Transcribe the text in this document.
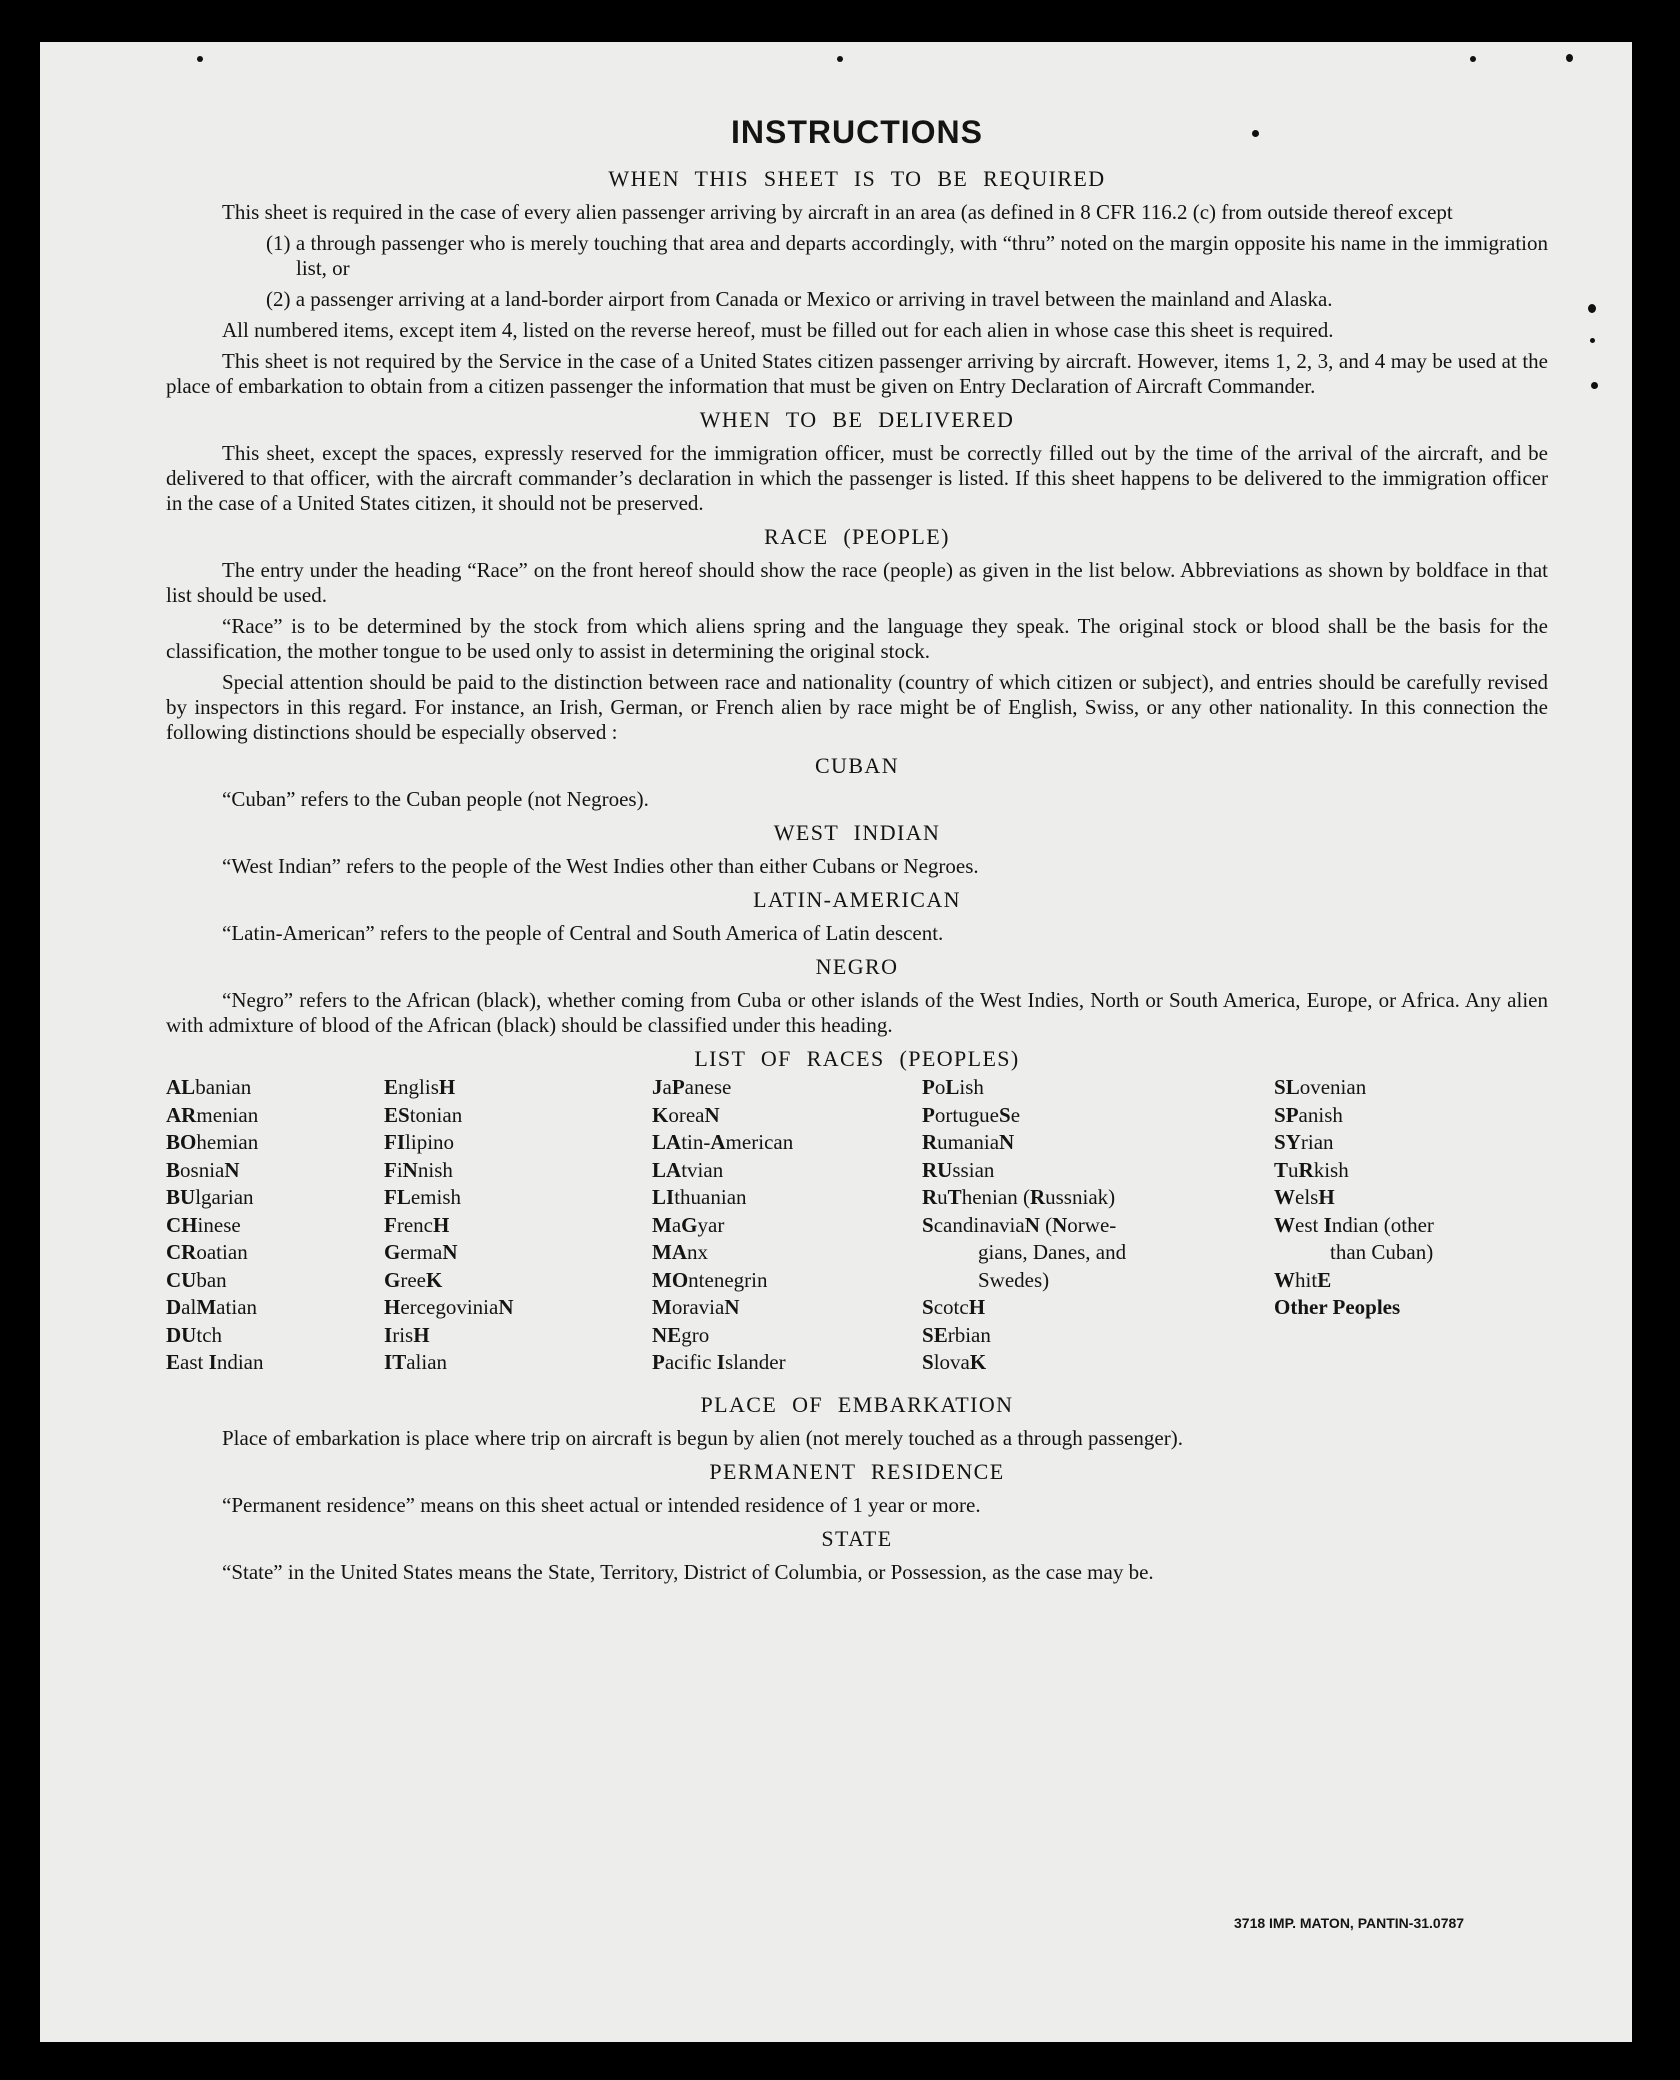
INSTRUCTIONS
WHEN THIS SHEET IS TO BE REQUIRED

This sheet is required in the case of every alien passenger arriving by aircraft in an area (as defined in 8 CFR 116.2 (c) from outside thereof except

(1) a through passenger who is merely touching that area and departs accordingly, with “thru” noted on the margin opposite his name in the immigration list, or

(2) a passenger arriving at a land-border airport from Canada or Mexico or arriving in travel between the mainland and Alaska.

All numbered items, except item 4, listed on the reverse hereof, must be filled out for each alien in whose case this sheet is required.

This sheet is not required by the Service in the case of a United States citizen passenger arriving by aircraft. However, items 1, 2, 3, and 4 may be used at the place of embarkation to obtain from a citizen passenger the information that must be given on Entry Declaration of Aircraft Commander.

WHEN TO BE DELIVERED

This sheet, except the spaces, expressly reserved for the immigration officer, must be correctly filled out by the time of the arrival of the aircraft, and be delivered to that officer, with the aircraft commander’s declaration in which the passenger is listed. If this sheet happens to be delivered to the immigration officer in the case of a United States citizen, it should not be preserved.

RACE (PEOPLE)

The entry under the heading “Race” on the front hereof should show the race (people) as given in the list below. Abbreviations as shown by boldface in that list should be used.

“Race” is to be determined by the stock from which aliens spring and the language they speak. The original stock or blood shall be the basis for the classification, the mother tongue to be used only to assist in determining the original stock.

Special attention should be paid to the distinction between race and nationality (country of which citizen or subject), and entries should be carefully revised by inspectors in this regard. For instance, an Irish, German, or French alien by race might be of English, Swiss, or any other nationality. In this connection the following distinctions should be especially observed :

CUBAN

“Cuban” refers to the Cuban people (not Negroes).

WEST INDIAN

“West Indian” refers to the people of the West Indies other than either Cubans or Negroes.

LATIN-AMERICAN

“Latin-American” refers to the people of Central and South America of Latin descent.

NEGRO

“Negro” refers to the African (black), whether coming from Cuba or other islands of the West Indies, North or South America, Europe, or Africa. Any alien with admixture of blood of the African (black) should be classified under this heading.

LIST OF RACES (PEOPLES)
ALbanian
ARmenian
BOhemian
BosniaN
BUlgarian
CHinese
CRoatian
CUban
DalMatian
DUtch
East Indian
EnglisH
EStonian
FIlipino
FiNnish
FLemish
FrencH
GermaN
GreeK
HercegoviniaN
IrisH
ITalian
JaPanese
KoreaN
LAtin-American
LAtvian
LIthuanian
MaGyar
MAnx
MOntenegrin
MoraviaN
NEgro
Pacific Islander
PoLish
PortugueSe
RumaniaN
RUssian
RuThenian (Russniak)
ScandinaviaN (Norwe-
gians, Danes, and
Swedes)
ScotcH
SErbian
SlovaK
SLovenian
SPanish
SYrian
TuRkish
WelsH
West Indian (other
than Cuban)
WhitE
Other Peoples
PLACE OF EMBARKATION

Place of embarkation is place where trip on aircraft is begun by alien (not merely touched as a through passenger).

PERMANENT RESIDENCE

“Permanent residence” means on this sheet actual or intended residence of 1 year or more.

STATE

“State” in the United States means the State, Territory, District of Columbia, or Possession, as the case may be.

3718 IMP. MATON, PANTIN-31.0787
